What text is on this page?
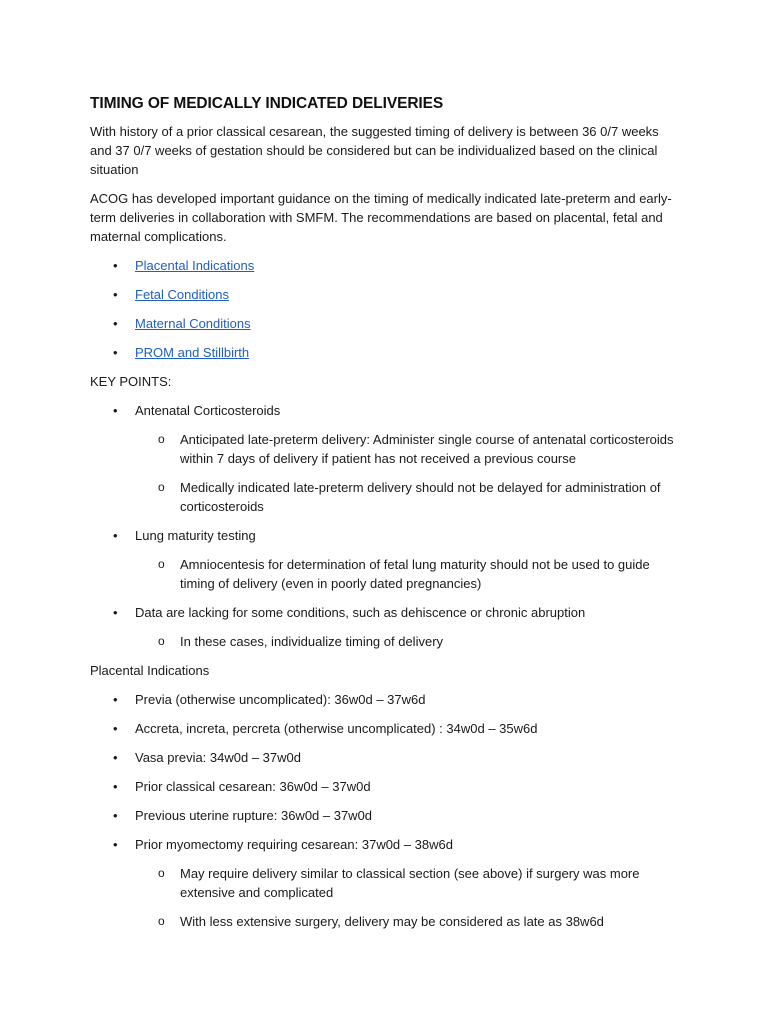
TIMING OF MEDICALLY INDICATED DELIVERIES

With history of a prior classical cesarean, the suggested timing of delivery is between 36 0/7 weeks and 37 0/7 weeks of gestation should be considered but can be individualized based on the clinical situation

ACOG has developed important guidance on the timing of medically indicated late-preterm and early-term deliveries in collaboration with SMFM. The recommendations are based on placental, fetal and maternal complications.

• Placental Indications
• Fetal Conditions
• Maternal Conditions
• PROM and Stillbirth

KEY POINTS:

• Antenatal Corticosteroids
o Anticipated late-preterm delivery: Administer single course of antenatal corticosteroids within 7 days of delivery if patient has not received a previous course
o Medically indicated late-preterm delivery should not be delayed for administration of corticosteroids
• Lung maturity testing
o Amniocentesis for determination of fetal lung maturity should not be used to guide timing of delivery (even in poorly dated pregnancies)
• Data are lacking for some conditions, such as dehiscence or chronic abruption
o In these cases, individualize timing of delivery

Placental Indications

• Previa (otherwise uncomplicated): 36w0d – 37w6d
• Accreta, increta, percreta (otherwise uncomplicated) : 34w0d – 35w6d
• Vasa previa: 34w0d – 37w0d
• Prior classical cesarean: 36w0d – 37w0d
• Previous uterine rupture: 36w0d – 37w0d
• Prior myomectomy requiring cesarean: 37w0d – 38w6d
o May require delivery similar to classical section (see above) if surgery was more extensive and complicated
o With less extensive surgery, delivery may be considered as late as 38w6d
